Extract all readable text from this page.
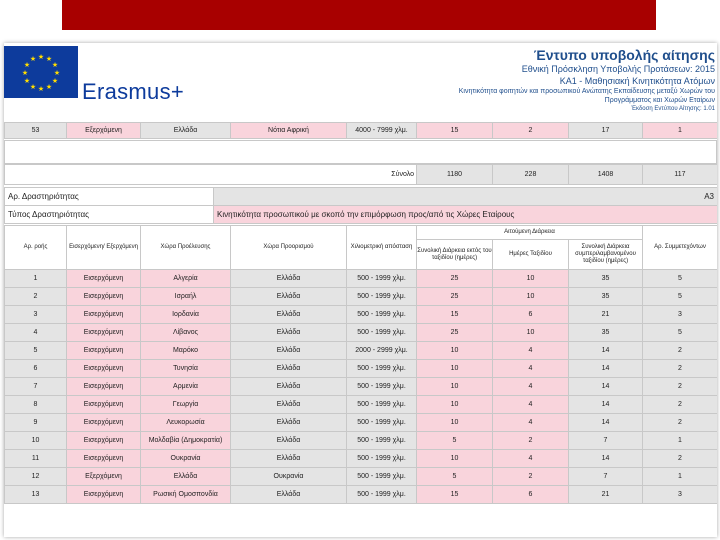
★ ★
★
★
★
★
★
★
★
★
★
★
Erasmus+
Έντυπο υποβολής αίτησης
Εθνική Πρόσκληση Υποβολής Προτάσεων: 2015
ΚΑ1 - Μαθησιακή Κινητικότητα Ατόμων
Κινητικότητα φοιτητών και προσωπικού Ανώτατης Εκπαίδευσης μεταξύ Χωρών του
Προγράμματος και Χωρών Εταίρων
Έκδοση Εντύπου Αίτησης: 1.01
53	Εξερχόμενη	Ελλάδα	Νότια Αφρική	4000 - 7999 χλμ.	15	2	17	1
Σύνολο	1180	228	1408	117
Αρ. Δραστηριότητας	A3
Τύπος Δραστηριότητας	Κινητικότητα προσωπικού με σκοπό την επιμόρφωση προς/από τις Χώρες Εταίρους
Αρ. ροής	Εισερχόμενη/ Εξερχόμενη	Χώρα Προέλευσης	Χώρα Προορισμού	Χιλιομετρική απόσταση	Αιτούμενη Διάρκεια			Αρ. Συμμετεχόντων
					Συνολική Διάρκεια εκτός του ταξιδίου (ημέρες)	Ημέρες Ταξιδίου	Συνολική Διάρκεια συμπεριλαμβανομένου ταξιδίου (ημέρες)	
1	Εισερχόμενη	Αλγερία	Ελλάδα	500 - 1999 χλμ.	25	10	35	5
2	Εισερχόμενη	Ισραήλ	Ελλάδα	500 - 1999 χλμ.	25	10	35	5
3	Εισερχόμενη	Ιορδανία	Ελλάδα	500 - 1999 χλμ.	15	6	21	3
4	Εισερχόμενη	Λίβανος	Ελλάδα	500 - 1999 χλμ.	25	10	35	5
5	Εισερχόμενη	Μαρόκο	Ελλάδα	2000 - 2999 χλμ.	10	4	14	2
6	Εισερχόμενη	Τυνησία	Ελλάδα	500 - 1999 χλμ.	10	4	14	2
7	Εισερχόμενη	Αρμενία	Ελλάδα	500 - 1999 χλμ.	10	4	14	2
8	Εισερχόμενη	Γεωργία	Ελλάδα	500 - 1999 χλμ.	10	4	14	2
9	Εισερχόμενη	Λευκορωσία	Ελλάδα	500 - 1999 χλμ.	10	4	14	2
10	Εισερχόμενη	Μολδαβία (Δημοκρατία)	Ελλάδα	500 - 1999 χλμ.	5	2	7	1
11	Εισερχόμενη	Ουκρανία	Ελλάδα	500 - 1999 χλμ.	10	4	14	2
12	Εξερχόμενη	Ελλάδα	Ουκρανία	500 - 1999 χλμ.	5	2	7	1
13	Εισερχόμενη	Ρωσική Ομοσπονδία	Ελλάδα	500 - 1999 χλμ.	15	6	21	3
